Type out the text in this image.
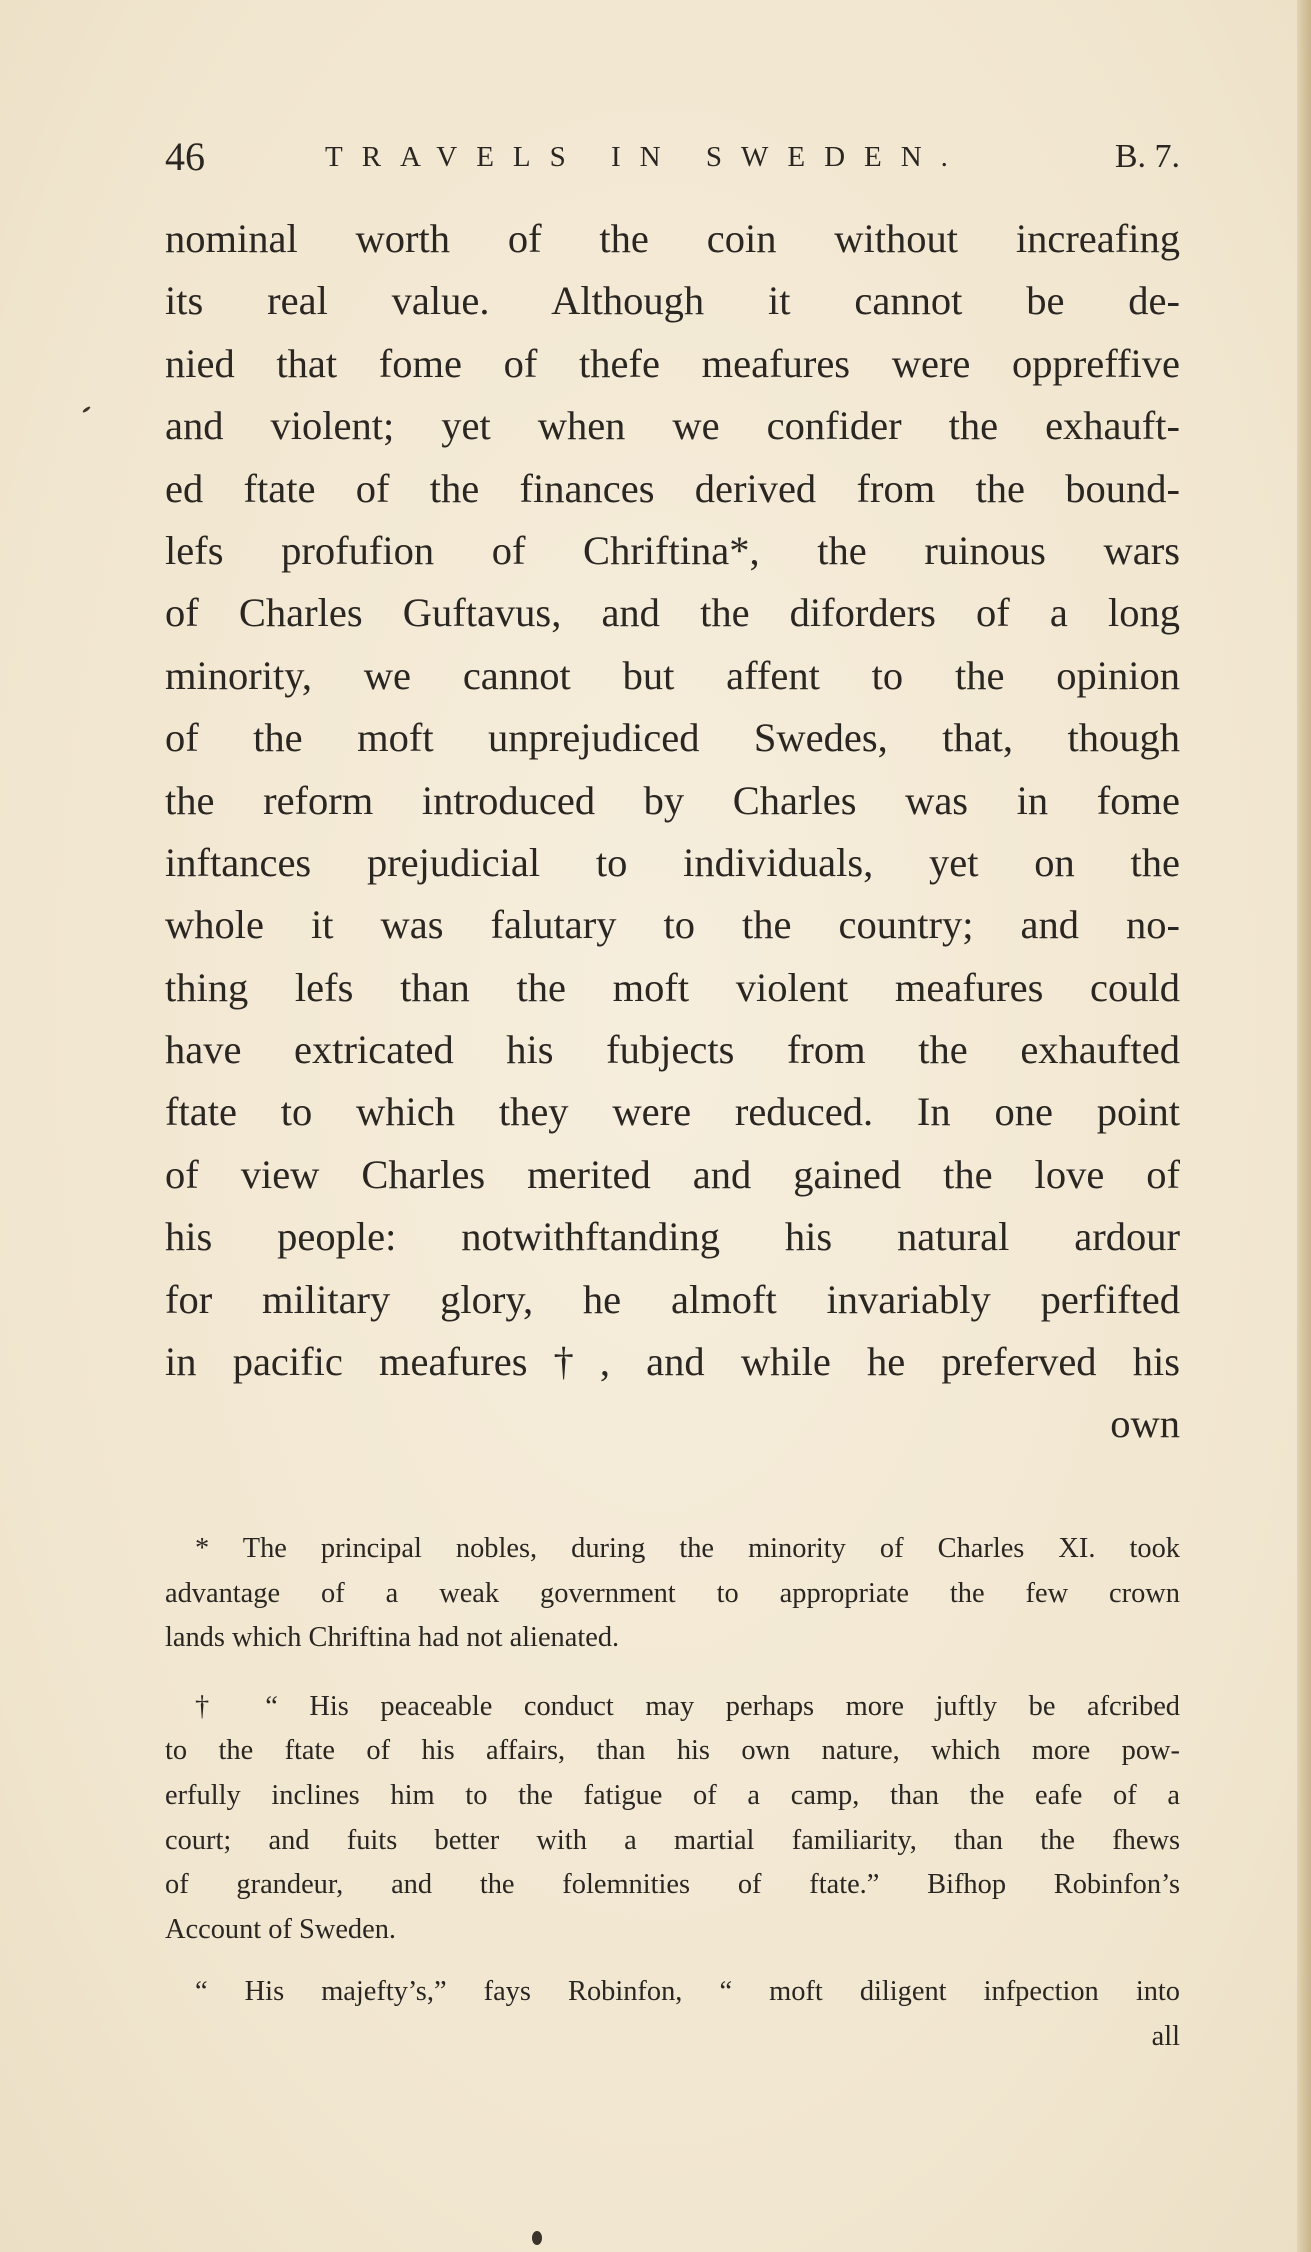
46	TRAVELS IN SWEDEN.	B. 7.
nominal worth of the coin without increafing
its real value. Although it cannot be de-
nied that fome of thefe meafures were oppreffive
and violent; yet when we confider the exhauft-
ed ftate of the finances derived from the bound-
lefs profufion of Chriftina*, the ruinous wars
of Charles Guftavus, and the diforders of a long
minority, we cannot but affent to the opinion
of the moft unprejudiced Swedes, that, though
the reform introduced by Charles was in fome
inftances prejudicial to individuals, yet on the
whole it was falutary to the country; and no-
thing lefs than the moft violent meafures could
have extricated his fubjects from the exhaufted
ftate to which they were reduced. In one point
of view Charles merited and gained the love of
his people: notwithftanding his natural ardour
for military glory, he almoft invariably perfifted
in pacific meafures†, and while he preferved his
own
* The principal nobles, during the minority of Charles XI. took
advantage of a weak government to appropriate the few crown
lands which Chriftina had not alienated.
† “ His peaceable conduct may perhaps more juftly be afcribed
to the ftate of his affairs, than his own nature, which more pow-
erfully inclines him to the fatigue of a camp, than the eafe of a
court; and fuits better with a martial familiarity, than the fhews
of grandeur, and the folemnities of ftate.” Bifhop Robinfon’s
Account of Sweden.
“ His majefty’s,” fays Robinfon, “ moft diligent infpection into
all
